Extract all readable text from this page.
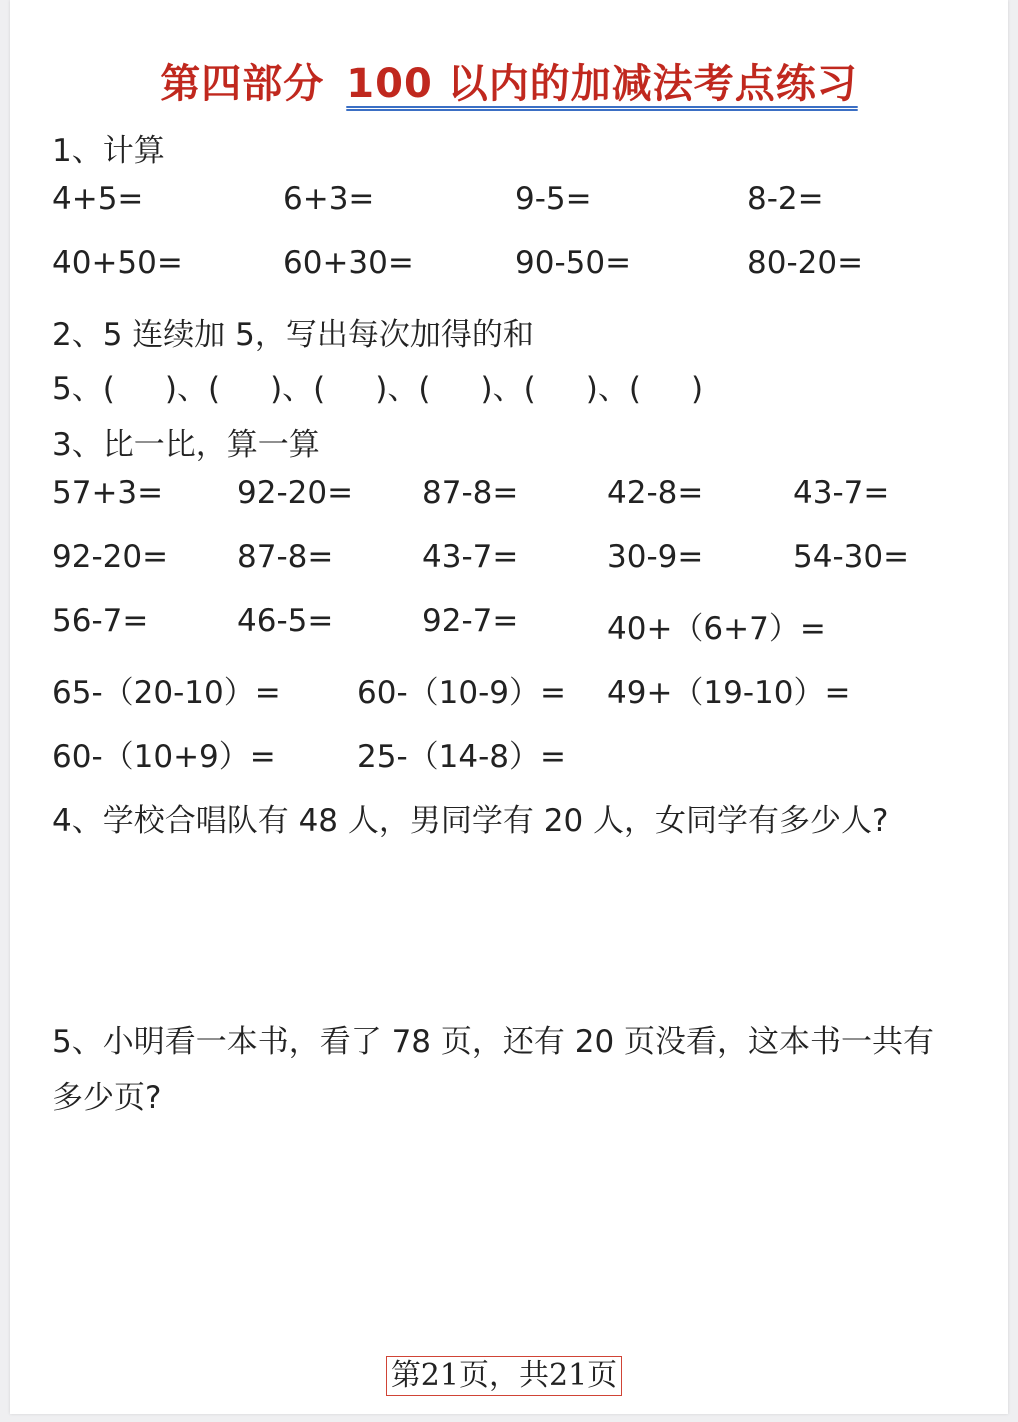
第四部分 100 以内的加减法考点练习
1、计算
4+5=	6+3=	9-5=	8-2=
40+50=	60+30=	90-50=	80-20=
2、5 连续加 5，写出每次加得的和
5、( )、( )、( )、( )、( )、( )
3、比一比，算一算
57+3= 92-20= 87-8=	42-8=	43-7=
92-20= 87-8=	43-7=	30-9=	54-30=
56-7=	46-5=	92-7=	40+（6+7）=
65-（20-10）= 60-（10-9）= 49+（19-10）=
60-（10+9）=	25-（14-8）=
4、学校合唱队有 48 人，男同学有 20 人，女同学有多少人?
5、小明看一本书，看了 78 页，还有 20 页没看，这本书一共有
多少页?
第21页，共21页
